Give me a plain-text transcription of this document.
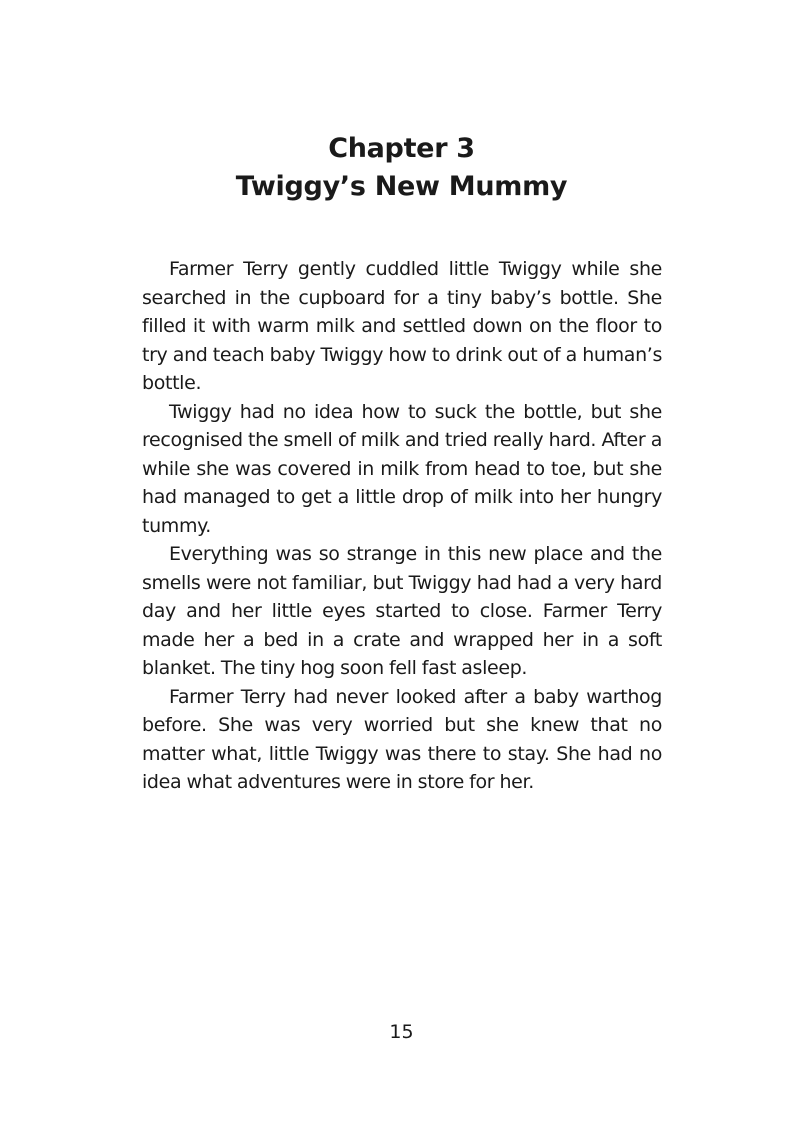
Chapter 3
Twiggy’s New Mummy

Farmer Terry gently cuddled little Twiggy while she searched in the cupboard for a tiny baby’s bottle. She filled it with warm milk and settled down on the floor to try and teach baby Twiggy how to drink out of a human’s bottle.

Twiggy had no idea how to suck the bottle, but she recognised the smell of milk and tried really hard. After a while she was covered in milk from head to toe, but she had managed to get a little drop of milk into her hungry tummy.

Everything was so strange in this new place and the smells were not familiar, but Twiggy had had a very hard day and her little eyes started to close. Farmer Terry made her a bed in a crate and wrapped her in a soft blanket. The tiny hog soon fell fast asleep.

Farmer Terry had never looked after a baby warthog before. She was very worried but she knew that no matter what, little Twiggy was there to stay. She had no idea what adventures were in store for her.

15
